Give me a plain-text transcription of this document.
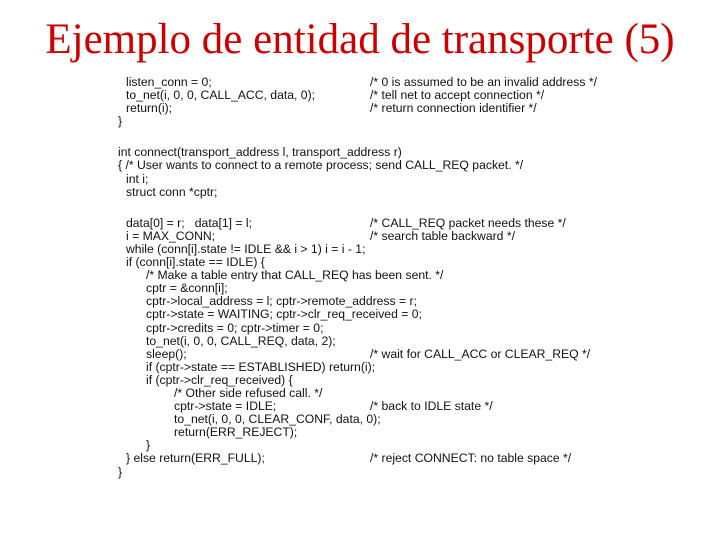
Ejemplo de entidad de transporte (5)
listen_conn = 0;	/* 0 is assumed to be an invalid address */
to_net(i, 0, 0, CALL_ACC, data, 0);	/* tell net to accept connection */
return(i);	/* return connection identifier */
}
int connect(transport_address l, transport_address r)
{ /* User wants to connect to a remote process; send CALL_REQ packet. */
int i;
struct conn *cptr;
data[0] = r;   data[1] = l;	/* CALL_REQ packet needs these */
i = MAX_CONN;	/* search table backward */
while (conn[i].state != IDLE && i > 1) i = i - 1;
if (conn[i].state == IDLE) {
/* Make a table entry that CALL_REQ has been sent. */
cptr = &conn[i];
cptr->local_address = l; cptr->remote_address = r;
cptr->state = WAITING; cptr->clr_req_received = 0;
cptr->credits = 0; cptr->timer = 0;
to_net(i, 0, 0, CALL_REQ, data, 2);
sleep();	/* wait for CALL_ACC or CLEAR_REQ */
if (cptr->state == ESTABLISHED) return(i);
if (cptr->clr_req_received) {
/* Other side refused call. */
cptr->state = IDLE;	/* back to IDLE state */
to_net(i, 0, 0, CLEAR_CONF, data, 0);
return(ERR_REJECT);
}
} else return(ERR_FULL);	/* reject CONNECT: no table space */
}
